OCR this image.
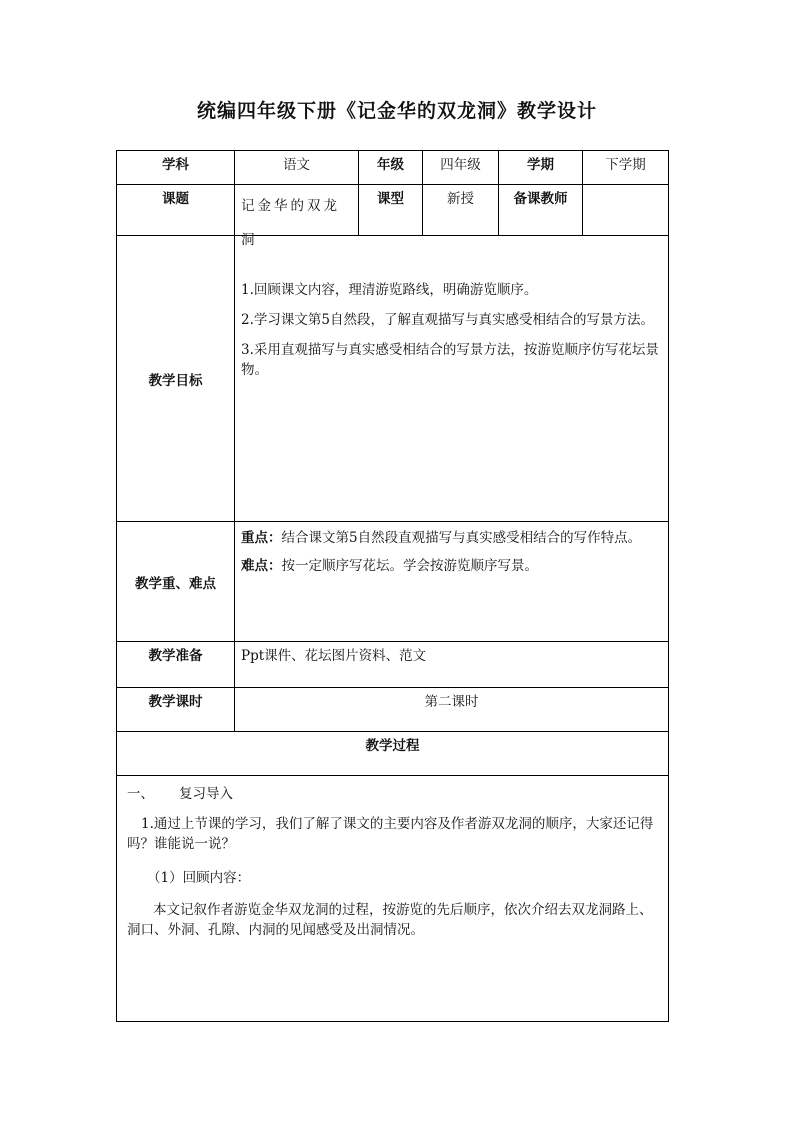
统编四年级下册《记金华的双龙洞》教学设计
学科	语文	年级	四年级	学期	下学期
课题	记金华的双龙洞	课型	新授	备课教师	
教学目标	1.回顾课文内容，理清游览路线，明确游览顺序。

2.学习课文第5自然段，了解直观描写与真实感受相结合的写景方法。

3.采用直观描写与真实感受相结合的写景方法，按游览顺序仿写花坛景物。				

教学重、难点	重点：结合课文第5自然段直观描写与真实感受相结合的写作特点。

难点：按一定顺序写花坛。学会按游览顺序写景。				

教学准备	Ppt课件、花坛图片资料、范文				
教学课时	第二课时				
教学过程					

一、 复习导入

1.通过上节课的学习，我们了解了课文的主要内容及作者游双龙洞的顺序，大家还记得吗？谁能说一说？

（1）回顾内容：

本文记叙作者游览金华双龙洞的过程，按游览的先后顺序，依次介绍去双龙洞路上、洞口、外洞、孔隙、内洞的见闻感受及出洞情况。					
